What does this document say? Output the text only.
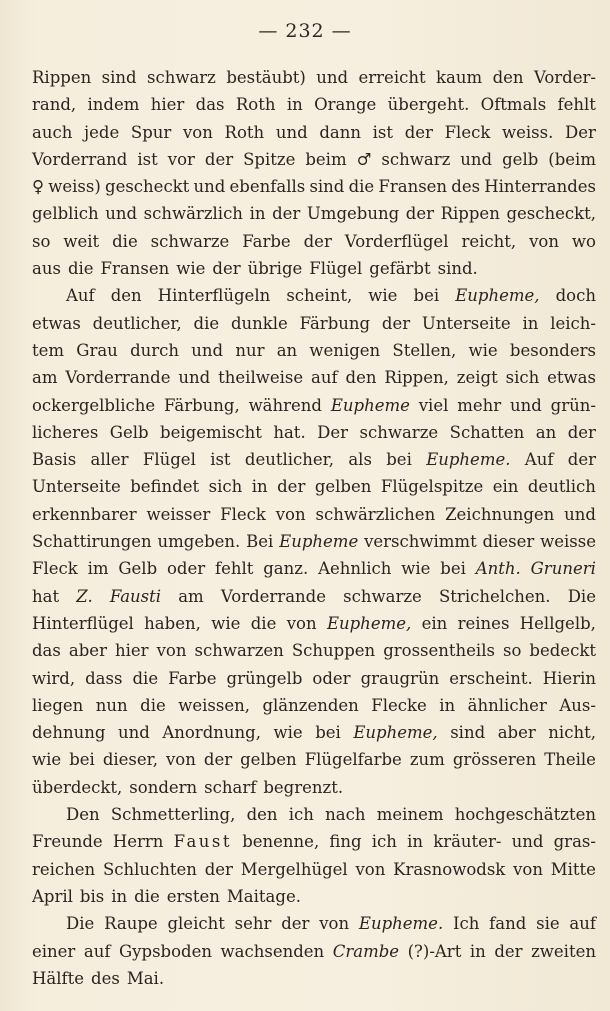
— 232 —
Rippen sind schwarz bestäubt) und erreicht kaum den Vorder-
rand, indem hier das Roth in Orange übergeht. Oftmals fehlt
auch jede Spur von Roth und dann ist der Fleck weiss. Der
Vorderrand ist vor der Spitze beim ♂ schwarz und gelb (beim
♀ weiss) gescheckt und ebenfalls sind die Fransen des Hinterrandes
gelblich und schwärzlich in der Umgebung der Rippen gescheckt,
so weit die schwarze Farbe der Vorderflügel reicht, von wo
aus die Fransen wie der übrige Flügel gefärbt sind.
Auf den Hinterflügeln scheint, wie bei Eupheme, doch
etwas deutlicher, die dunkle Färbung der Unterseite in leich-
tem Grau durch und nur an wenigen Stellen, wie besonders
am Vorderrande und theilweise auf den Rippen, zeigt sich etwas
ockergelbliche Färbung, während Eupheme viel mehr und grün-
licheres Gelb beigemischt hat. Der schwarze Schatten an der
Basis aller Flügel ist deutlicher, als bei Eupheme. Auf der
Unterseite befindet sich in der gelben Flügelspitze ein deutlich
erkennbarer weisser Fleck von schwärzlichen Zeichnungen und
Schattirungen umgeben. Bei Eupheme verschwimmt dieser weisse
Fleck im Gelb oder fehlt ganz. Aehnlich wie bei Anth. Gruneri
hat Z. Fausti am Vorderrande schwarze Strichelchen. Die
Hinterflügel haben, wie die von Eupheme, ein reines Hellgelb,
das aber hier von schwarzen Schuppen grossentheils so bedeckt
wird, dass die Farbe grüngelb oder graugrün erscheint. Hierin
liegen nun die weissen, glänzenden Flecke in ähnlicher Aus-
dehnung und Anordnung, wie bei Eupheme, sind aber nicht,
wie bei dieser, von der gelben Flügelfarbe zum grösseren Theile
überdeckt, sondern scharf begrenzt.
Den Schmetterling, den ich nach meinem hochgeschätzten
Freunde Herrn Faust benenne, fing ich in kräuter- und gras-
reichen Schluchten der Mergelhügel von Krasnowodsk von Mitte
April bis in die ersten Maitage.
Die Raupe gleicht sehr der von Eupheme. Ich fand sie auf
einer auf Gypsboden wachsenden Crambe (?)-Art in der zweiten
Hälfte des Mai.
